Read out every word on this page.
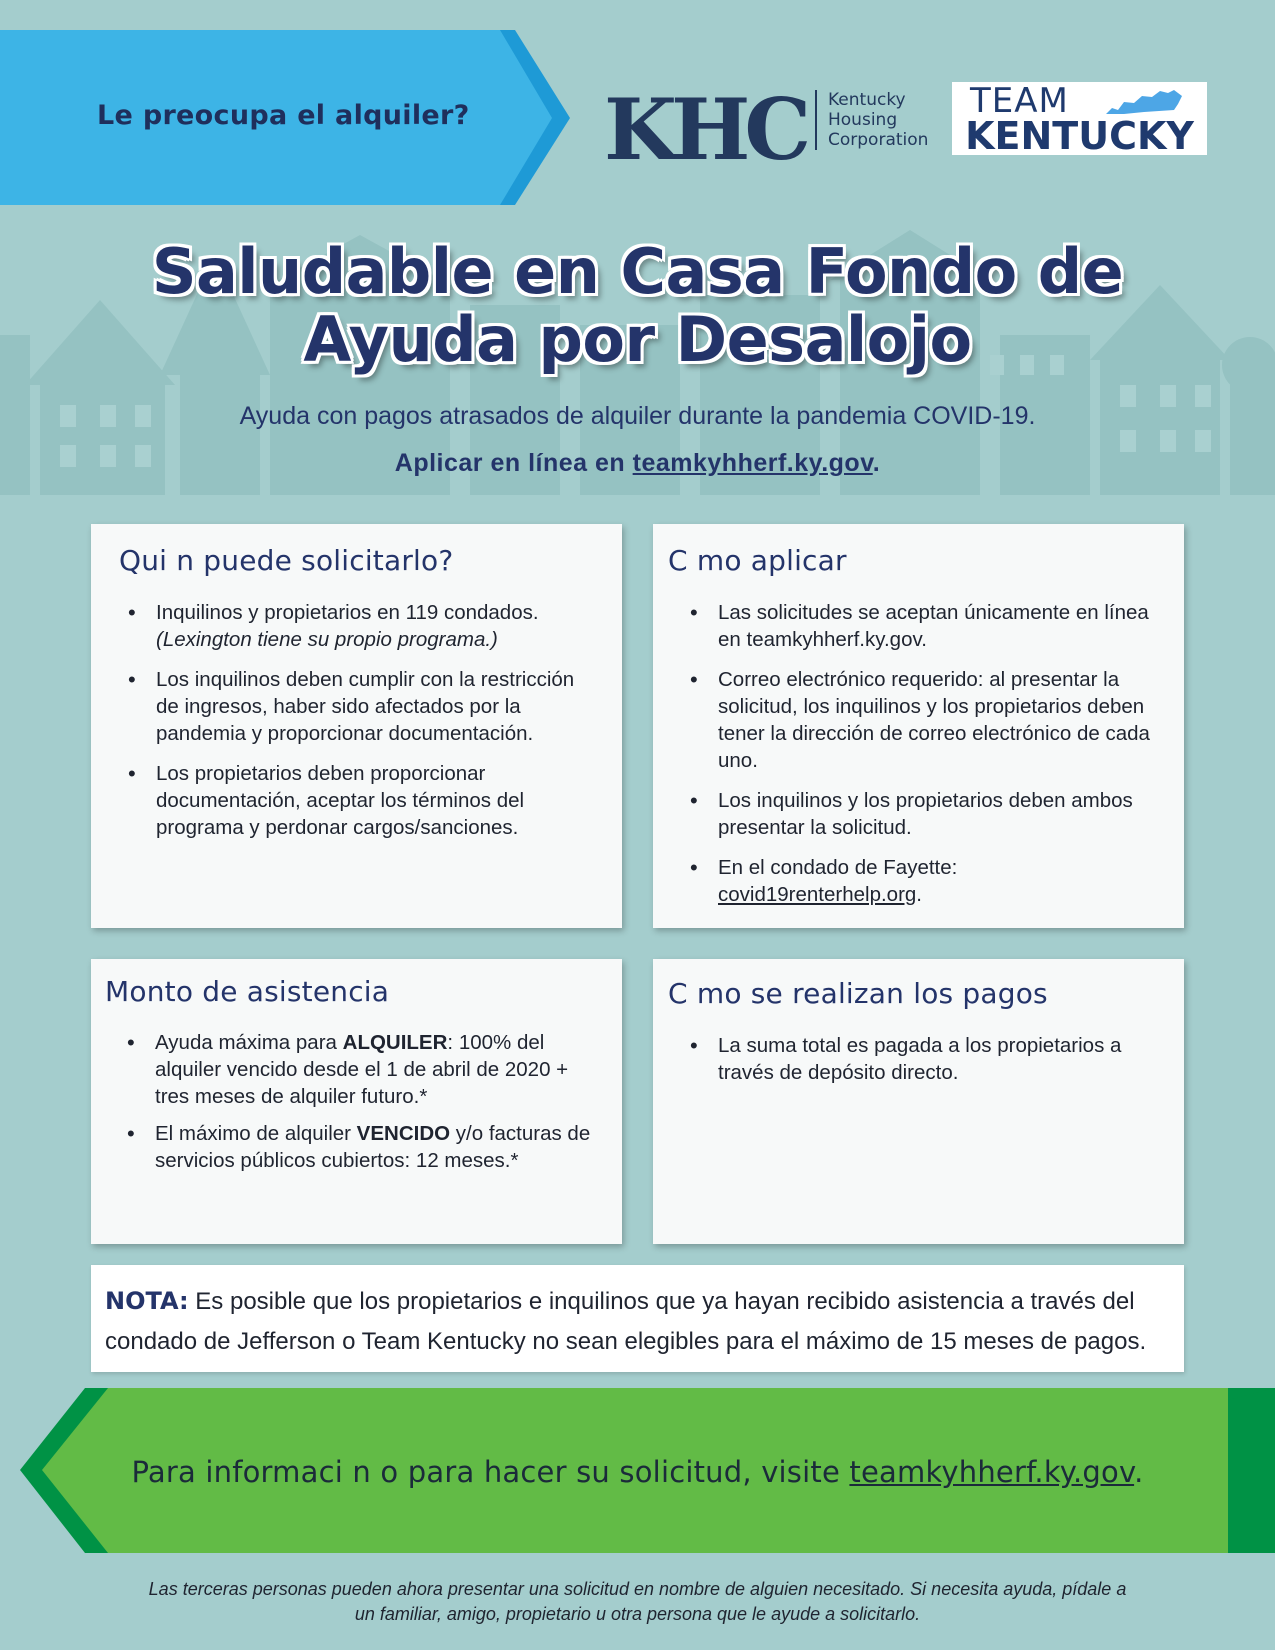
Le preocupa el alquiler? KHC Kentucky
Housing
Corporation
TEAM
KENTUCKY
Saludable en Casa Fondo de
Ayuda por Desalojo
Ayuda con pagos atrasados de alquiler durante la pandemia COVID-19.
Aplicar en línea en teamkyhherf.ky.gov.
Qui n puede solicitarlo?
• Inquilinos y propietarios en 119 condados.
(Lexington tiene su propio programa.)
• Los inquilinos deben cumplir con la restricción de ingresos, haber sido afectados por la pandemia y proporcionar documentación.
• Los propietarios deben proporcionar documentación, aceptar los términos del programa y perdonar cargos/sanciones.
C mo aplicar
• Las solicitudes se aceptan únicamente en línea en teamkyhherf.ky.gov.
• Correo electrónico requerido: al presentar la solicitud, los inquilinos y los propietarios deben tener la dirección de correo electrónico de cada uno.
• Los inquilinos y los propietarios deben ambos presentar la solicitud.
• En el condado de Fayette:
covid19renterhelp.org.
Monto de asistencia
• Ayuda máxima para ALQUILER: 100% del alquiler vencido desde el 1 de abril de 2020 + tres meses de alquiler futuro.*
• El máximo de alquiler VENCIDO y/o facturas de servicios públicos cubiertos: 12 meses.*
C mo se realizan los pagos
• La suma total es pagada a los propietarios a través de depósito directo.

NOTA: Es posible que los propietarios e inquilinos que ya hayan recibido asistencia a través del condado de Jefferson o Team Kentucky no sean elegibles para el máximo de 15 meses de pagos.

Para informaci n o para hacer su solicitud, visite teamkyhherf.ky.gov.
Las terceras personas pueden ahora presentar una solicitud en nombre de alguien necesitado. Si necesita ayuda, pídale a un familiar, amigo, propietario u otra persona que le ayude a solicitarlo.
